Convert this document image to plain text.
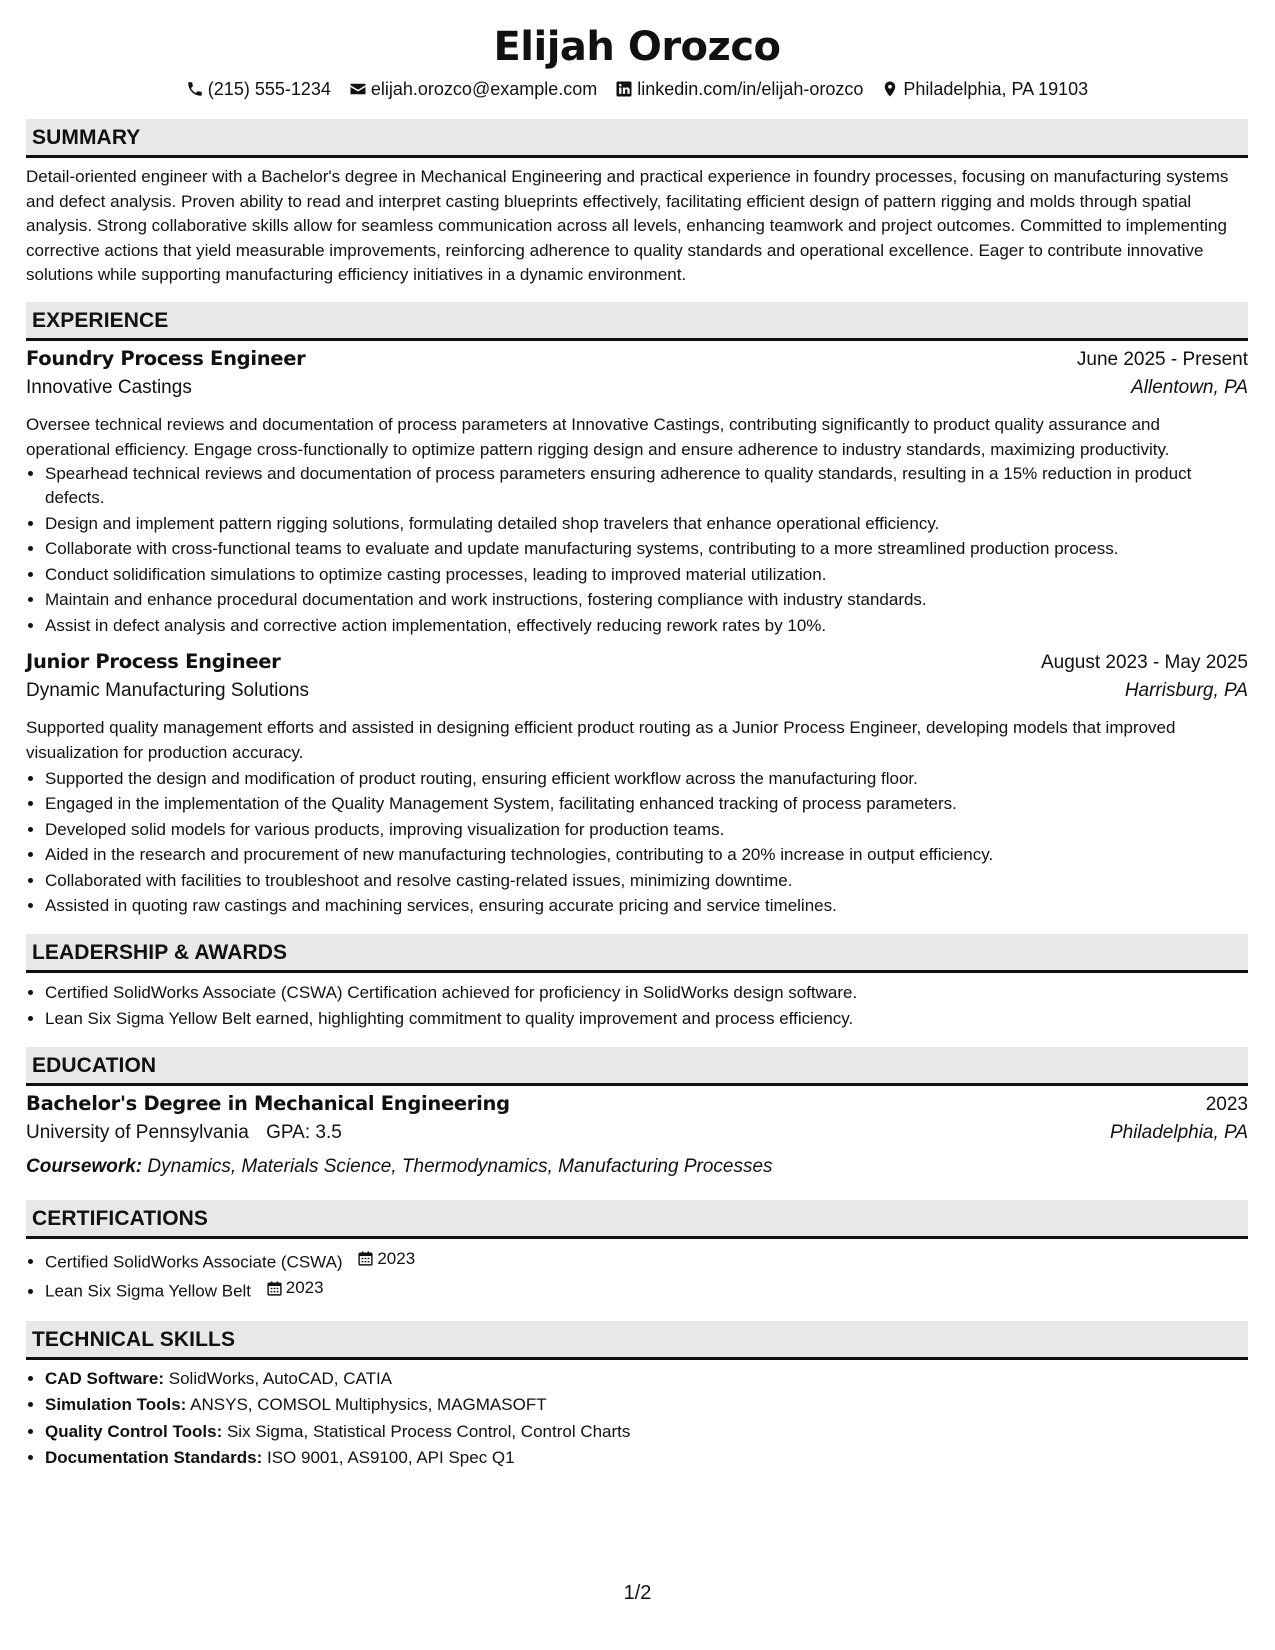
Elijah Orozco
(215) 555-1234 elijah.orozco@example.com linkedin.com/in/elijah-orozco Philadelphia, PA 19103
SUMMARY

Detail-oriented engineer with a Bachelor's degree in Mechanical Engineering and practical experience in foundry processes, focusing on manufacturing systems and defect analysis. Proven ability to read and interpret casting blueprints effectively, facilitating efficient design of pattern rigging and molds through spatial analysis. Strong collaborative skills allow for seamless communication across all levels, enhancing teamwork and project outcomes. Committed to implementing corrective actions that yield measurable improvements, reinforcing adherence to quality standards and operational excellence. Eager to contribute innovative solutions while supporting manufacturing efficiency initiatives in a dynamic environment.

EXPERIENCE
Foundry Process Engineer	June 2025 - Present
Innovative Castings	Allentown, PA

Oversee technical reviews and documentation of process parameters at Innovative Castings, contributing significantly to product quality assurance and operational efficiency. Engage cross-functionally to optimize pattern rigging design and ensure adherence to industry standards, maximizing productivity.

• Spearhead technical reviews and documentation of process parameters ensuring adherence to quality standards, resulting in a 15% reduction in product defects.
• Design and implement pattern rigging solutions, formulating detailed shop travelers that enhance operational efficiency.
• Collaborate with cross-functional teams to evaluate and update manufacturing systems, contributing to a more streamlined production process.
• Conduct solidification simulations to optimize casting processes, leading to improved material utilization.
• Maintain and enhance procedural documentation and work instructions, fostering compliance with industry standards.
• Assist in defect analysis and corrective action implementation, effectively reducing rework rates by 10%.
Junior Process Engineer	August 2023 - May 2025
Dynamic Manufacturing Solutions	Harrisburg, PA

Supported quality management efforts and assisted in designing efficient product routing as a Junior Process Engineer, developing models that improved visualization for production accuracy.

• Supported the design and modification of product routing, ensuring efficient workflow across the manufacturing floor.
• Engaged in the implementation of the Quality Management System, facilitating enhanced tracking of process parameters.
• Developed solid models for various products, improving visualization for production teams.
• Aided in the research and procurement of new manufacturing technologies, contributing to a 20% increase in output efficiency.
• Collaborated with facilities to troubleshoot and resolve casting-related issues, minimizing downtime.
• Assisted in quoting raw castings and machining services, ensuring accurate pricing and service timelines.
LEADERSHIP & AWARDS
• Certified SolidWorks Associate (CSWA) Certification achieved for proficiency in SolidWorks design software.
• Lean Six Sigma Yellow Belt earned, highlighting commitment to quality improvement and process efficiency.
EDUCATION
Bachelor's Degree in Mechanical Engineering	2023
University of Pennsylvania GPA: 3.5	Philadelphia, PA
Coursework: Dynamics, Materials Science, Thermodynamics, Manufacturing Processes
CERTIFICATIONS
• Certified SolidWorks Associate (CSWA) 2023
• Lean Six Sigma Yellow Belt 2023
TECHNICAL SKILLS
• CAD Software: SolidWorks, AutoCAD, CATIA
• Simulation Tools: ANSYS, COMSOL Multiphysics, MAGMASOFT
• Quality Control Tools: Six Sigma, Statistical Process Control, Control Charts
• Documentation Standards: ISO 9001, AS9100, API Spec Q1
1/2
